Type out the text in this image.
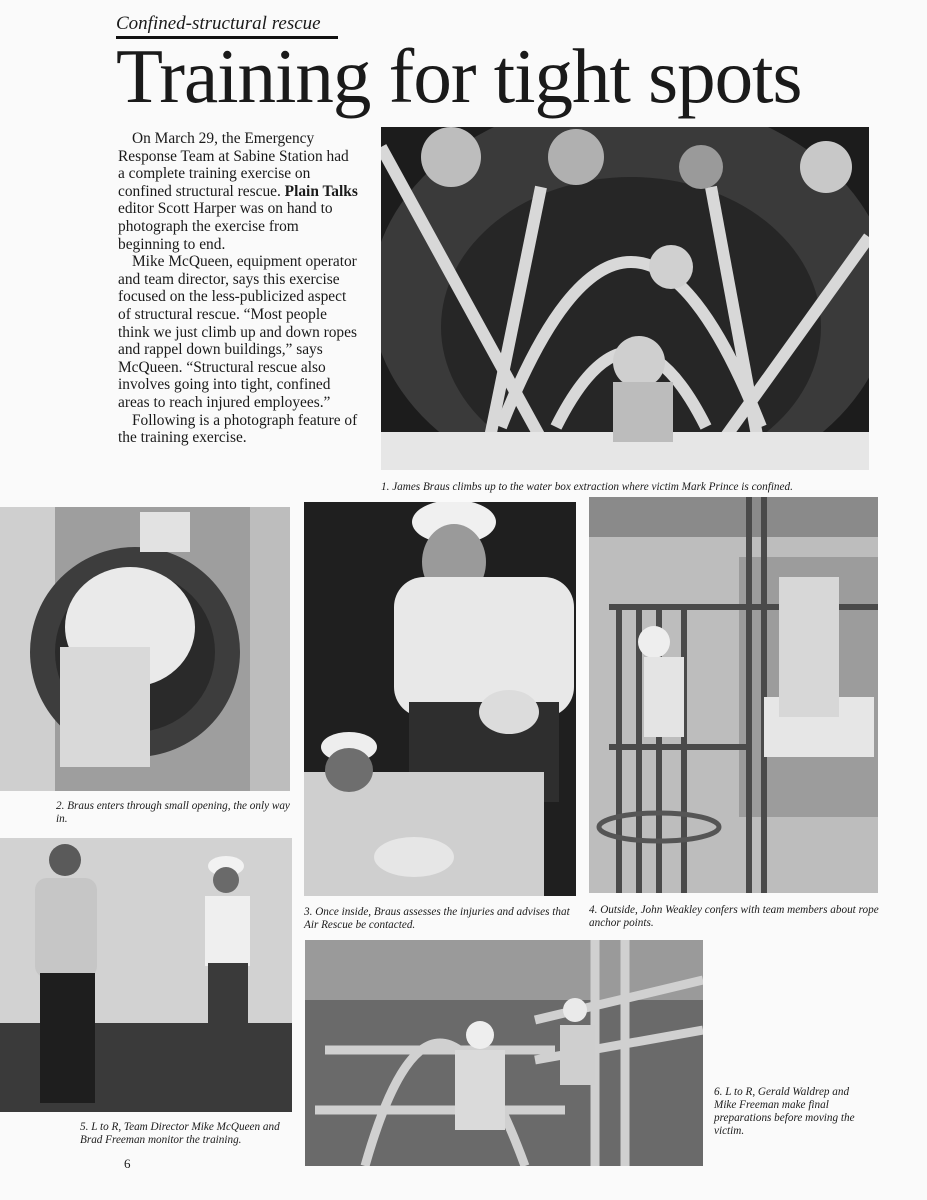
Confined-structural rescue
Training for tight spots

On March 29, the Emergency Response Team at Sabine Station had a complete training exercise on confined structural rescue. Plain Talks editor Scott Harper was on hand to photograph the exercise from beginning to end.

Mike McQueen, equipment operator and team director, says this exercise focused on the less-publicized aspect of structural rescue. “Most people think we just climb up and down ropes and rappel down buildings,” says McQueen. “Structural rescue also involves going into tight, confined areas to reach injured employees.”

Following is a photograph feature of the training exercise.

1. James Braus climbs up to the water box extraction where victim Mark Prince is confined.
2. Braus enters through small opening, the only way in.
3. Once inside, Braus assesses the injuries and advises that Air Rescue be contacted.
4. Outside, John Weakley confers with team members about rope anchor points.
5. L to R, Team Director Mike McQueen and Brad Freeman monitor the training.
6. L to R, Gerald Waldrep and Mike Freeman make final preparations before moving the victim.
6
